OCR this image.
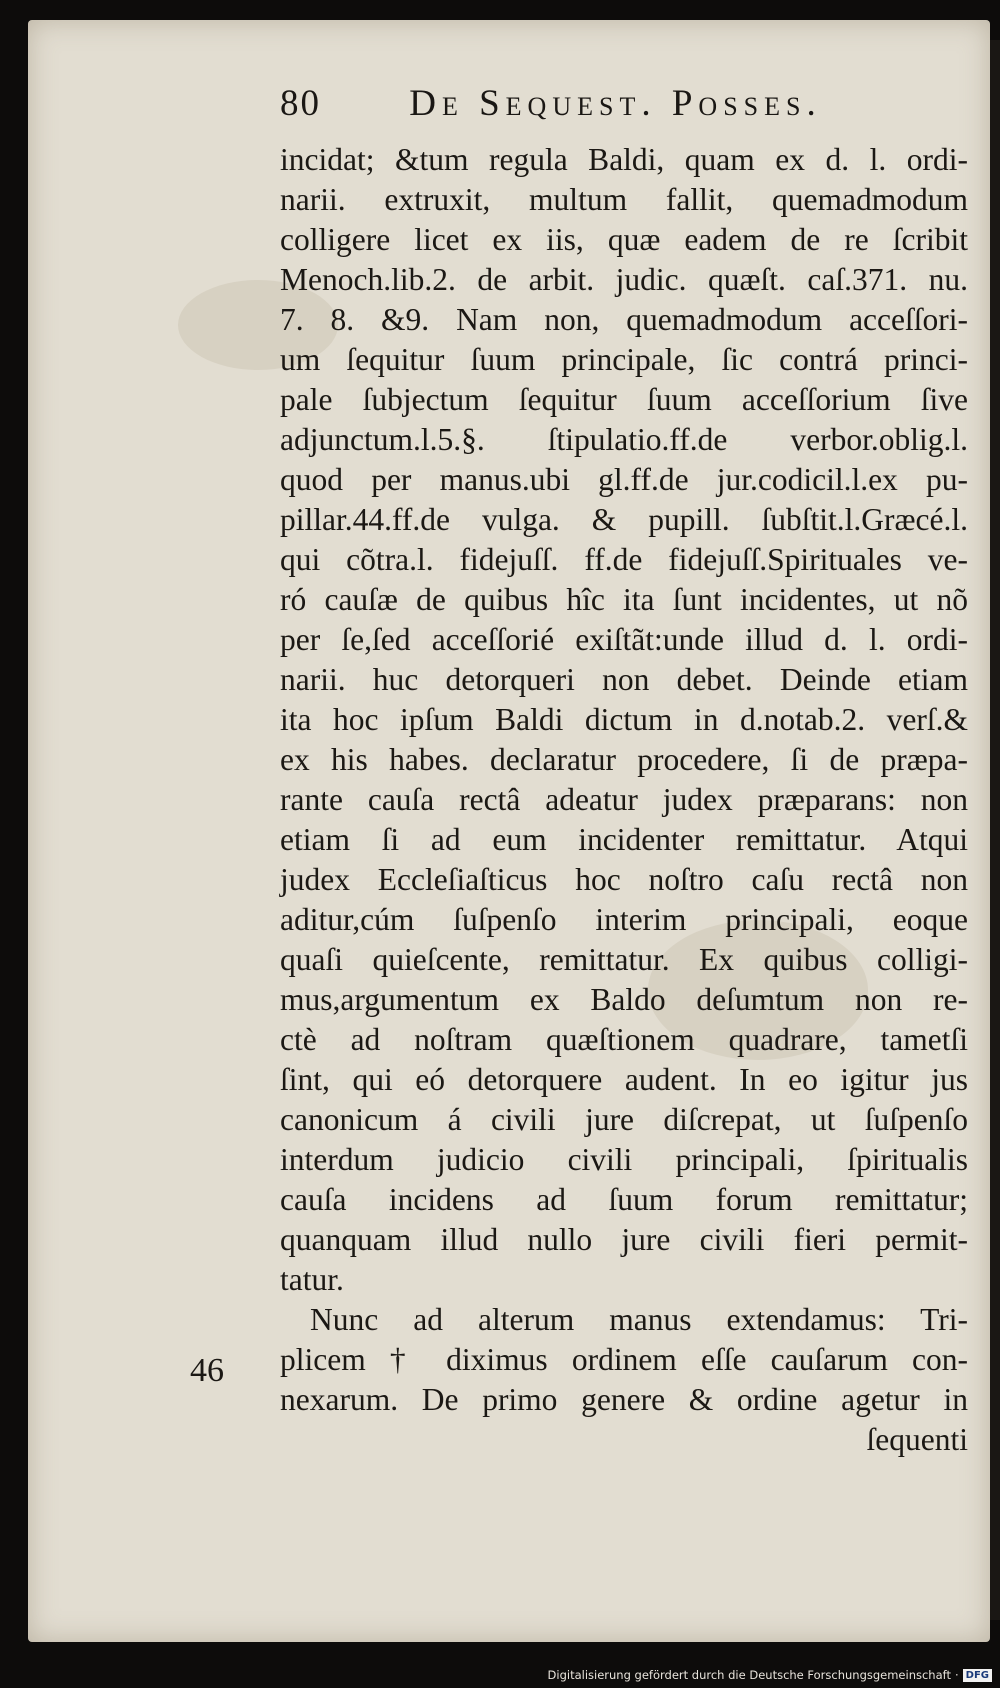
80 De Sequest. Posses.
incidat; &tum regula Baldi, quam ex d. l. ordi-
narii. extruxit, multum fallit, quemadmodum
colligere licet ex iis, quæ eadem de re ſcribit
Menoch.lib.2. de arbit. judic. quæſt. caſ.371. nu.
7. 8. &9. Nam non, quemadmodum acceſſori-
um ſequitur ſuum principale, ſic contrá princi-
pale ſubjectum ſequitur ſuum acceſſorium ſive
adjunctum.l.5.§. ſtipulatio.ff.de verbor.oblig.l.
quod per manus.ubi gl.ff.de jur.codicil.l.ex pu-
pillar.44.ff.de vulga. & pupill. ſubſtit.l.Græcé.l.
qui cõtra.l. fidejuſſ. ff.de fidejuſſ.Spirituales ve-
ró cauſæ de quibus hîc ita ſunt incidentes, ut nõ
per ſe,ſed acceſſorié exiſtãt:unde illud d. l. ordi-
narii. huc detorqueri non debet. Deinde etiam
ita hoc ipſum Baldi dictum in d.notab.2. verſ.&
ex his habes. declaratur procedere, ſi de præpa-
rante cauſa rectâ adeatur judex præparans: non
etiam ſi ad eum incidenter remittatur. Atqui
judex Eccleſiaſticus hoc noſtro caſu rectâ non
aditur,cúm ſuſpenſo interim principali, eoque
quaſi quieſcente, remittatur. Ex quibus colligi-
mus,argumentum ex Baldo deſumtum non re-
ctè ad noſtram quæſtionem quadrare, tametſi
ſint, qui eó detorquere audent. In eo igitur jus
canonicum á civili jure diſcrepat, ut ſuſpenſo
interdum judicio civili principali, ſpiritualis
cauſa incidens ad ſuum forum remittatur;
quanquam illud nullo jure civili fieri permit-
tatur.
Nunc ad alterum manus extendamus: Tri-
plicem † diximus ordinem eſſe cauſarum con-
nexarum. De primo genere & ordine agetur in
ſequenti
46
Digitalisierung gefördert durch die Deutsche Forschungsgemeinschaft · DFG
